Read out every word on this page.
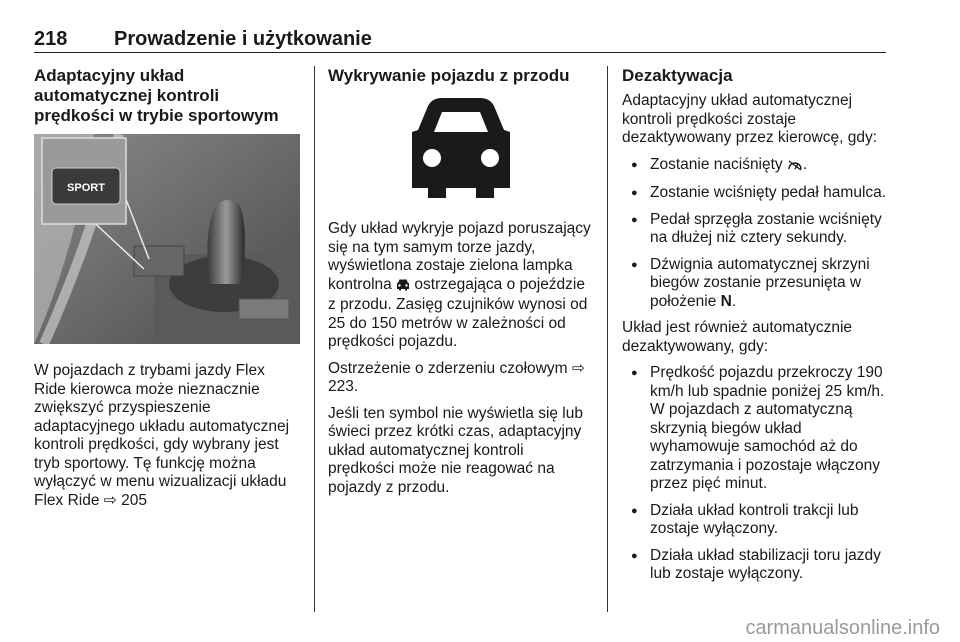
218 Prowadzenie i użytkowanie
Adaptacyjny układ automatycznej kontroli prędkości w trybie sportowym
SPORT

W pojazdach z trybami jazdy Flex Ride kierowca może nieznacznie zwiększyć przyspieszenie adaptacyjnego układu automatycznej kontroli prędkości, gdy wybrany jest tryb sportowy. Tę funkcję można wyłączyć w menu wizualizacji układu Flex Ride ⇨ 205

Wykrywanie pojazdu z przodu

Gdy układ wykryje pojazd poruszający się na tym samym torze jazdy, wyświetlona zostaje zielona lampka kontrolna ostrzegająca o pojeździe z przodu. Zasięg czujników wynosi od 25 do 150 metrów w zależności od prędkości pojazdu.

Ostrzeżenie o zderzeniu czołowym ⇨ 223.

Jeśli ten symbol nie wyświetla się lub świeci przez krótki czas, adaptacyjny układ automatycznej kontroli prędkości może nie reagować na pojazdy z przodu.

Dezaktywacja

Adaptacyjny układ automatycznej kontroli prędkości zostaje dezaktywowany przez kierowcę, gdy:

● Zostanie naciśnięty .
● Zostanie wciśnięty pedał hamulca.
● Pedał sprzęgła zostanie wciśnięty na dłużej niż cztery sekundy.
● Dźwignia automatycznej skrzyni biegów zostanie przesunięta w położenie N.

Układ jest również automatycznie dezaktywowany, gdy:

● Prędkość pojazdu przekroczy 190 km/h lub spadnie poniżej 25 km/h. W pojazdach z automatyczną skrzynią biegów układ wyhamowuje samochód aż do zatrzymania i pozostaje włączony przez pięć minut.
● Działa układ kontroli trakcji lub zostaje wyłączony.
● Działa układ stabilizacji toru jazdy lub zostaje wyłączony.
carmanualsonline.info
